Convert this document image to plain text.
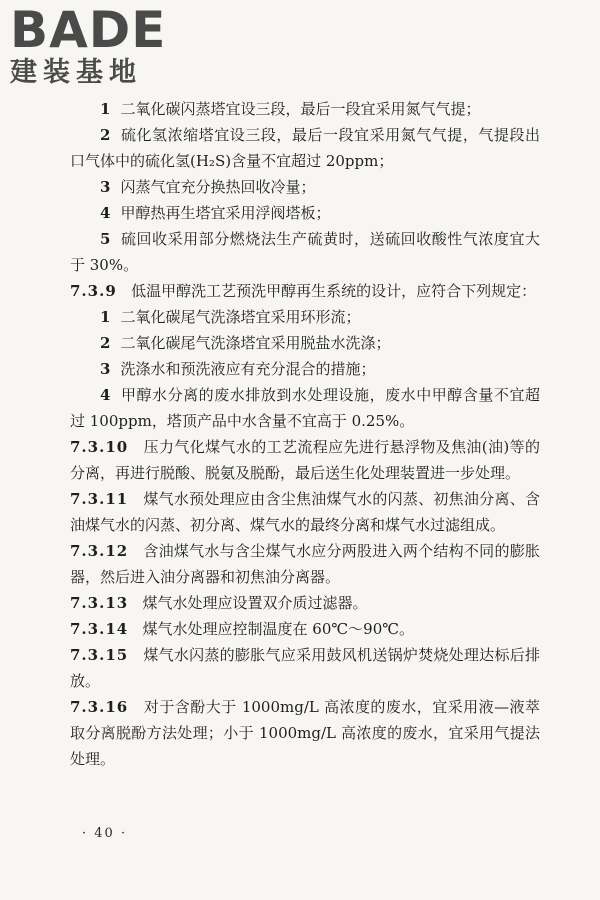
BADE
建装基地

1 二氧化碳闪蒸塔宜设三段，最后一段宜采用氮气气提；

2 硫化氢浓缩塔宜设三段，最后一段宜采用氮气气提，气提段出口气体中的硫化氢(H₂S)含量不宜超过 20ppm；

3 闪蒸气宜充分换热回收冷量；

4 甲醇热再生塔宜采用浮阀塔板；

5 硫回收采用部分燃烧法生产硫黄时，送硫回收酸性气浓度宜大于 30%。

7.3.9 低温甲醇洗工艺预洗甲醇再生系统的设计，应符合下列规定：

1 二氧化碳尾气洗涤塔宜采用环形流；

2 二氧化碳尾气洗涤塔宜采用脱盐水洗涤；

3 洗涤水和预洗液应有充分混合的措施；

4 甲醇水分离的废水排放到水处理设施，废水中甲醇含量不宜超过 100ppm，塔顶产品中水含量不宜高于 0.25%。

7.3.10 压力气化煤气水的工艺流程应先进行悬浮物及焦油(油)等的分离，再进行脱酸、脱氨及脱酚，最后送生化处理装置进一步处理。

7.3.11 煤气水预处理应由含尘焦油煤气水的闪蒸、初焦油分离、含油煤气水的闪蒸、初分离、煤气水的最终分离和煤气水过滤组成。

7.3.12 含油煤气水与含尘煤气水应分两股进入两个结构不同的膨胀器，然后进入油分离器和初焦油分离器。

7.3.13 煤气水处理应设置双介质过滤器。

7.3.14 煤气水处理应控制温度在 60℃～90℃。

7.3.15 煤气水闪蒸的膨胀气应采用鼓风机送锅炉焚烧处理达标后排放。

7.3.16 对于含酚大于 1000mg/L 高浓度的废水，宜采用液—液萃取分离脱酚方法处理；小于 1000mg/L 高浓度的废水，宜采用气提法处理。

· 40 ·
